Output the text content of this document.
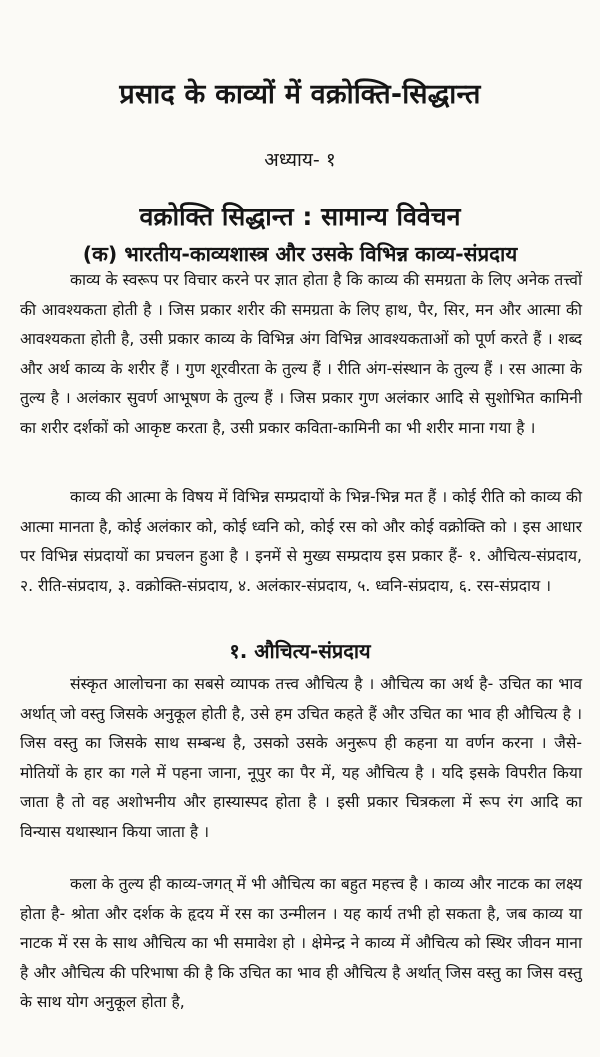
प्रसाद के काव्यों में वक्रोक्ति-सिद्धान्त
अध्याय- १
वक्रोक्ति सिद्धान्त : सामान्य विवेचन
(क) भारतीय-काव्यशास्त्र और उसके विभिन्न काव्य-संप्रदाय

काव्य के स्वरूप पर विचार करने पर ज्ञात होता है कि काव्य की समग्रता के लिए अनेक तत्त्वों की आवश्यकता होती है । जिस प्रकार शरीर की समग्रता के लिए हाथ, पैर, सिर, मन और आत्मा की आवश्यकता होती है, उसी प्रकार काव्य के विभिन्न अंग विभिन्न आवश्यकताओं को पूर्ण करते हैं । शब्द और अर्थ काव्य के शरीर हैं । गुण शूरवीरता के तुल्य हैं । रीति अंग-संस्थान के तुल्य हैं । रस आत्मा के तुल्य है । अलंकार सुवर्ण आभूषण के तुल्य हैं । जिस प्रकार गुण अलंकार आदि से सुशोभित कामिनी का शरीर दर्शकों को आकृष्ट करता है, उसी प्रकार कविता-कामिनी का भी शरीर माना गया है ।

काव्य की आत्मा के विषय में विभिन्न सम्प्रदायों के भिन्न-भिन्न मत हैं । कोई रीति को काव्य की आत्मा मानता है, कोई अलंकार को, कोई ध्वनि को, कोई रस को और कोई वक्रोक्ति को । इस आधार पर विभिन्न संप्रदायों का प्रचलन हुआ है । इनमें से मुख्य सम्प्रदाय इस प्रकार हैं- १. औचित्य-संप्रदाय, २. रीति-संप्रदाय, ३. वक्रोक्ति-संप्रदाय, ४. अलंकार-संप्रदाय, ५. ध्वनि-संप्रदाय, ६. रस-संप्रदाय ।

१. औचित्य-संप्रदाय

संस्कृत आलोचना का सबसे व्यापक तत्त्व औचित्य है । औचित्य का अर्थ है- उचित का भाव अर्थात् जो वस्तु जिसके अनुकूल होती है, उसे हम उचित कहते हैं और उचित का भाव ही औचित्य है । जिस वस्तु का जिसके साथ सम्बन्ध है, उसको उसके अनुरूप ही कहना या वर्णन करना । जैसे- मोतियों के हार का गले में पहना जाना, नूपुर का पैर में, यह औचित्य है । यदि इसके विपरीत किया जाता है तो वह अशोभनीय और हास्यास्पद होता है । इसी प्रकार चित्रकला में रूप रंग आदि का विन्यास यथास्थान किया जाता है ।

कला के तुल्य ही काव्य-जगत् में भी औचित्य का बहुत महत्त्व है । काव्य और नाटक का लक्ष्य होता है- श्रोता और दर्शक के हृदय में रस का उन्मीलन । यह कार्य तभी हो सकता है, जब काव्य या नाटक में रस के साथ औचित्य का भी समावेश हो । क्षेमेन्द्र ने काव्य में औचित्य को स्थिर जीवन माना है और औचित्य की परिभाषा की है कि उचित का भाव ही औचित्य है अर्थात् जिस वस्तु का जिस वस्तु के साथ योग अनुकूल होता है,
